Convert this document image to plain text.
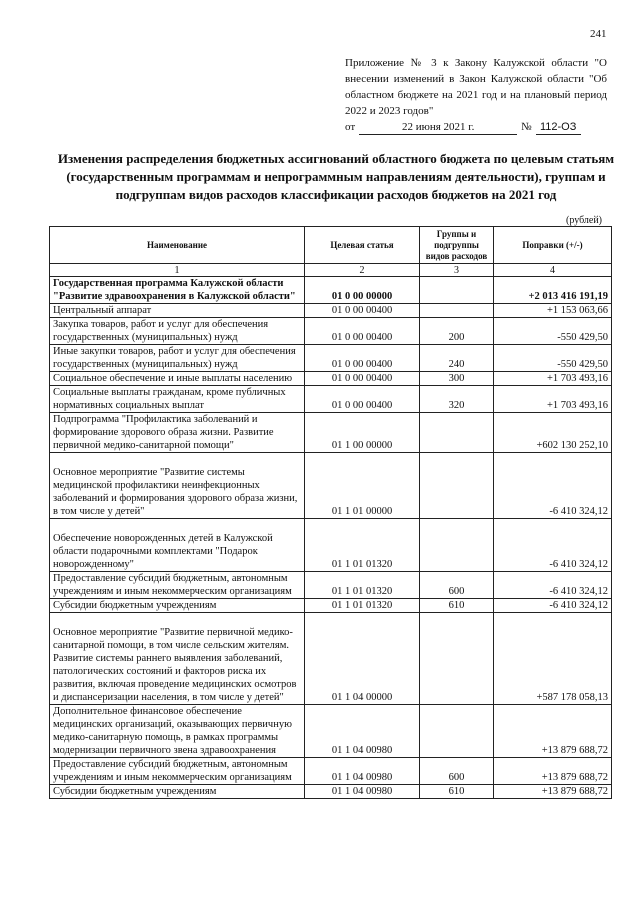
241
Приложение № 3 к Закону Калужской области "О внесении изменений в Закон Калужской области "Об областном бюджете на 2021 год и на плановый период 2022 и 2023 годов"
от	22 июня 2021 г.	№ 112-ОЗ
Изменения распределения бюджетных ассигнований областного бюджета по целевым статьям (государственным программам и непрограммным направлениям деятельности), группам и подгруппам видов расходов классификации расходов бюджетов на 2021 год
(рублей)
Наименование	Целевая статья	Группы и подгруппы видов расходов	Поправки (+/-)
1	2	3	4
Государственная программа Калужской области "Развитие здравоохранения в Калужской области"	01 0 00 00000		+2 013 416 191,19
Центральный аппарат	01 0 00 00400		+1 153 063,66
Закупка товаров, работ и услуг для обеспечения государственных (муниципальных) нужд	01 0 00 00400	200	-550 429,50
Иные закупки товаров, работ и услуг для обеспечения государственных (муниципальных) нужд	01 0 00 00400	240	-550 429,50
Социальное обеспечение и иные выплаты населению	01 0 00 00400	300	+1 703 493,16
Социальные выплаты гражданам, кроме публичных нормативных социальных выплат	01 0 00 00400	320	+1 703 493,16
Подпрограмма "Профилактика заболеваний и формирование здорового образа жизни. Развитие первичной медико-санитарной помощи"	01 1 00 00000		+602 130 252,10
Основное мероприятие "Развитие системы медицинской профилактики неинфекционных заболеваний и формирования здорового образа жизни, в том числе у детей"	01 1 01 00000		-6 410 324,12
Обеспечение новорожденных детей в Калужской области подарочными комплектами "Подарок новорожденному"	01 1 01 01320		-6 410 324,12
Предоставление субсидий бюджетным, автономным учреждениям и иным некоммерческим организациям	01 1 01 01320	600	-6 410 324,12
Субсидии бюджетным учреждениям	01 1 01 01320	610	-6 410 324,12
Основное мероприятие "Развитие первичной медико-санитарной помощи, в том числе сельским жителям. Развитие системы раннего выявления заболеваний, патологических состояний и факторов риска их развития, включая проведение медицинских осмотров и диспансеризации населения, в том числе у детей"	01 1 04 00000		+587 178 058,13
Дополнительное финансовое обеспечение медицинских организаций, оказывающих первичную медико-санитарную помощь, в рамках программы модернизации первичного звена здравоохранения	01 1 04 00980		+13 879 688,72
Предоставление субсидий бюджетным, автономным учреждениям и иным некоммерческим организациям	01 1 04 00980	600	+13 879 688,72
Субсидии бюджетным учреждениям	01 1 04 00980	610	+13 879 688,72
